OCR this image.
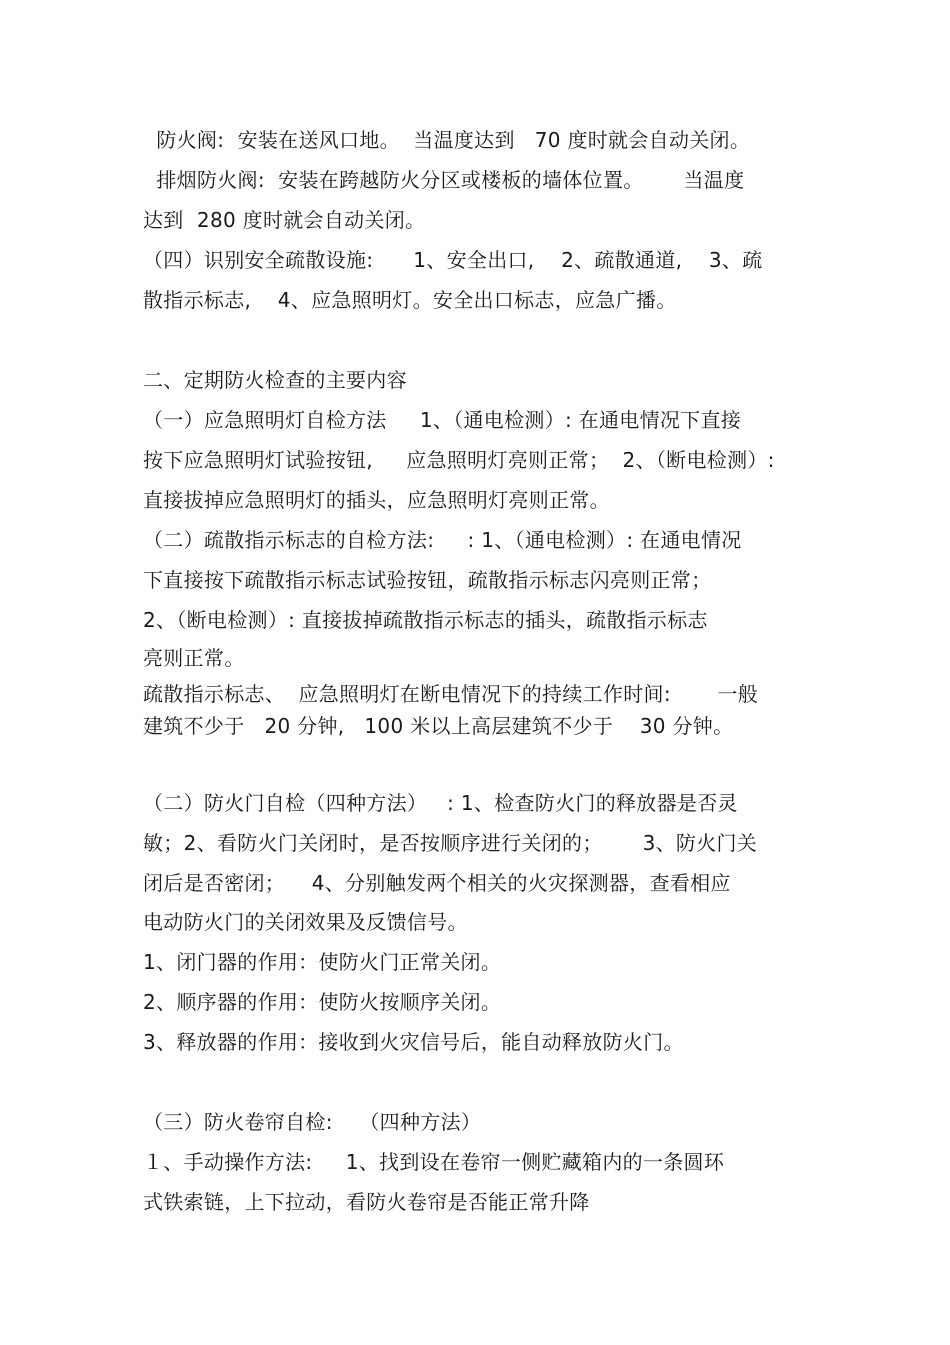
防火阀:  安装在送风口地。  当温度达到   70 度时就会自动关闭。
排烟防火阀:  安装在跨越防火分区或楼板的墙体位置。      当温度
达到  280 度时就会自动关闭。
（四）识别安全疏散设施:      1、安全出口,    2、疏散通道,    3、疏
散指示标志,    4、应急照明灯。安全出口标志，应急广播。
二、定期防火检查的主要内容
（一）应急照明灯自检方法     1、（通电检测）: 在通电情况下直接
按下应急照明灯试验按钮,     应急照明灯亮则正常；  2、（断电检测）:
直接拔掉应急照明灯的插头，应急照明灯亮则正常。
（二）疏散指示标志的自检方法:     : 1、（通电检测）: 在通电情况
下直接按下疏散指示标志试验按钮，疏散指示标志闪亮则正常；
2、（断电检测）: 直接拔掉疏散指示标志的插头，疏散指示标志
亮则正常。
疏散指示标志、  应急照明灯在断电情况下的持续工作时间:       一般
建筑不少于   20 分钟,   100 米以上高层建筑不少于    30 分钟。
（二）防火门自检（四种方法）   : 1、检查防火门的释放器是否灵
敏；2、看防火门关闭时，是否按顺序进行关闭的；      3、防火门关
闭后是否密闭；    4、分别触发两个相关的火灾探测器，查看相应
电动防火门的关闭效果及反馈信号。
1、闭门器的作用：使防火门正常关闭。
2、顺序器的作用：使防火按顺序关闭。
3、释放器的作用：接收到火灾信号后，能自动释放防火门。
（三）防火卷帘自检:    （四种方法）
１、手动操作方法:     1、找到设在卷帘一侧贮藏箱内的一条圆环
式铁索链，上下拉动，看防火卷帘是否能正常升降
